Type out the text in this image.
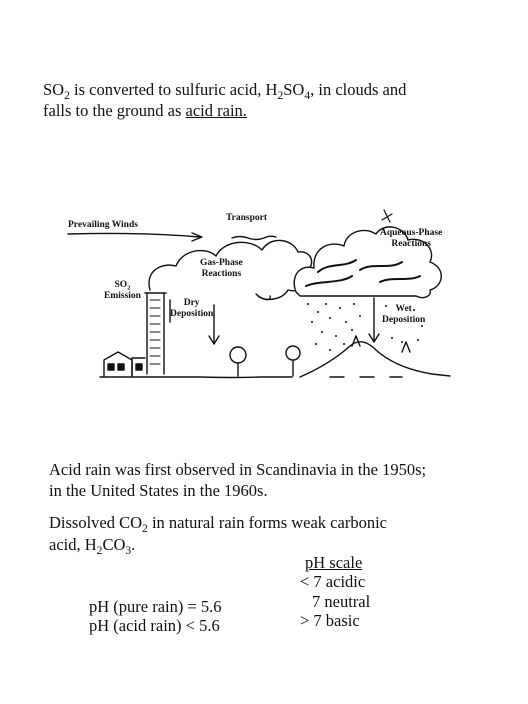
$SO_2$ is converted to sulfuric acid, $H_2SO_4$, in clouds and
falls to the ground as acid rain.
Prevailing Winds
Transport
Gas-Phase
Reactions
$SO_2$
Emission
Dry
Deposition
Aqueous-Phase
Reactions
Wet
Deposition
Acid rain was first observed in Scandinavia in the 1950s;
in the United States in the 1960s.
Dissolved $CO_2$ in natural rain forms weak carbonic
acid, $H_2CO_3$.
pH scale
< 7 acidic
7 neutral
> 7 basic
pH (pure rain) = 5.6
pH (acid rain) < 5.6
